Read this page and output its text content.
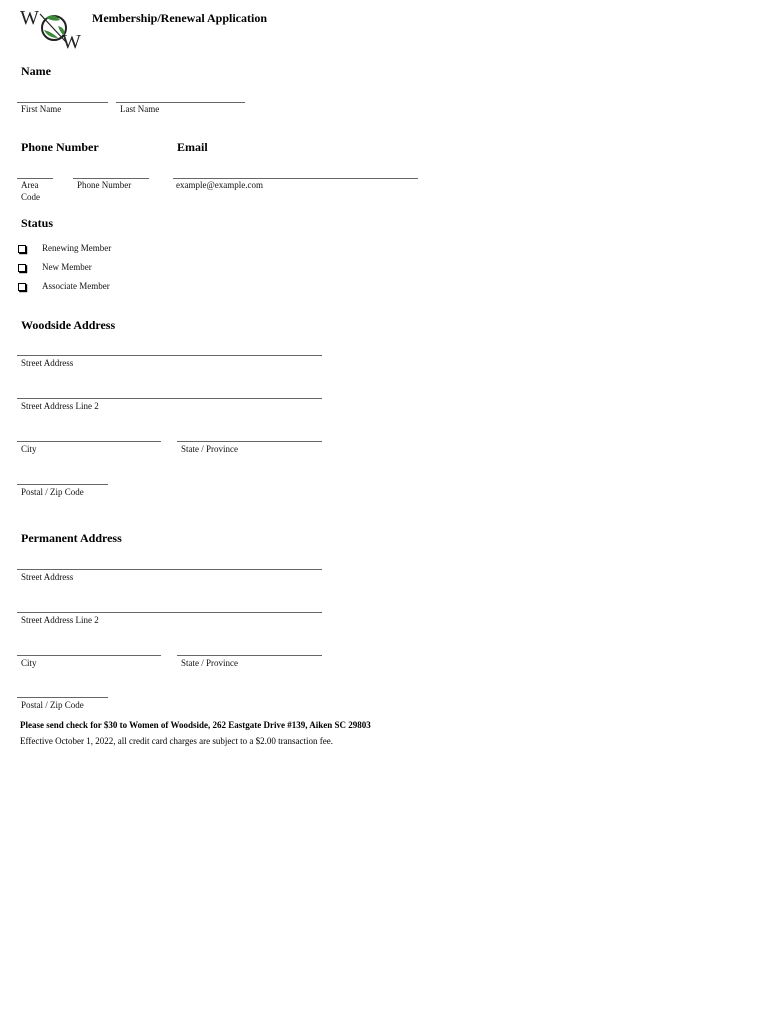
W
W
Membership/Renewal Application
Name
First Name	Last Name
Phone Number	Email
Area Code
Phone Number	example@example.com
Status
Renewing Member
New Member
Associate Member
Woodside Address
Street Address
Street Address Line 2
City	State / Province
Postal / Zip Code
Permanent Address
Street Address
Street Address Line 2
City	State / Province
Postal / Zip Code
Please send check for $30 to Women of Woodside, 262 Eastgate Drive #139, Aiken SC 29803
Effective October 1, 2022, all credit card charges are subject to a $2.00 transaction fee.
